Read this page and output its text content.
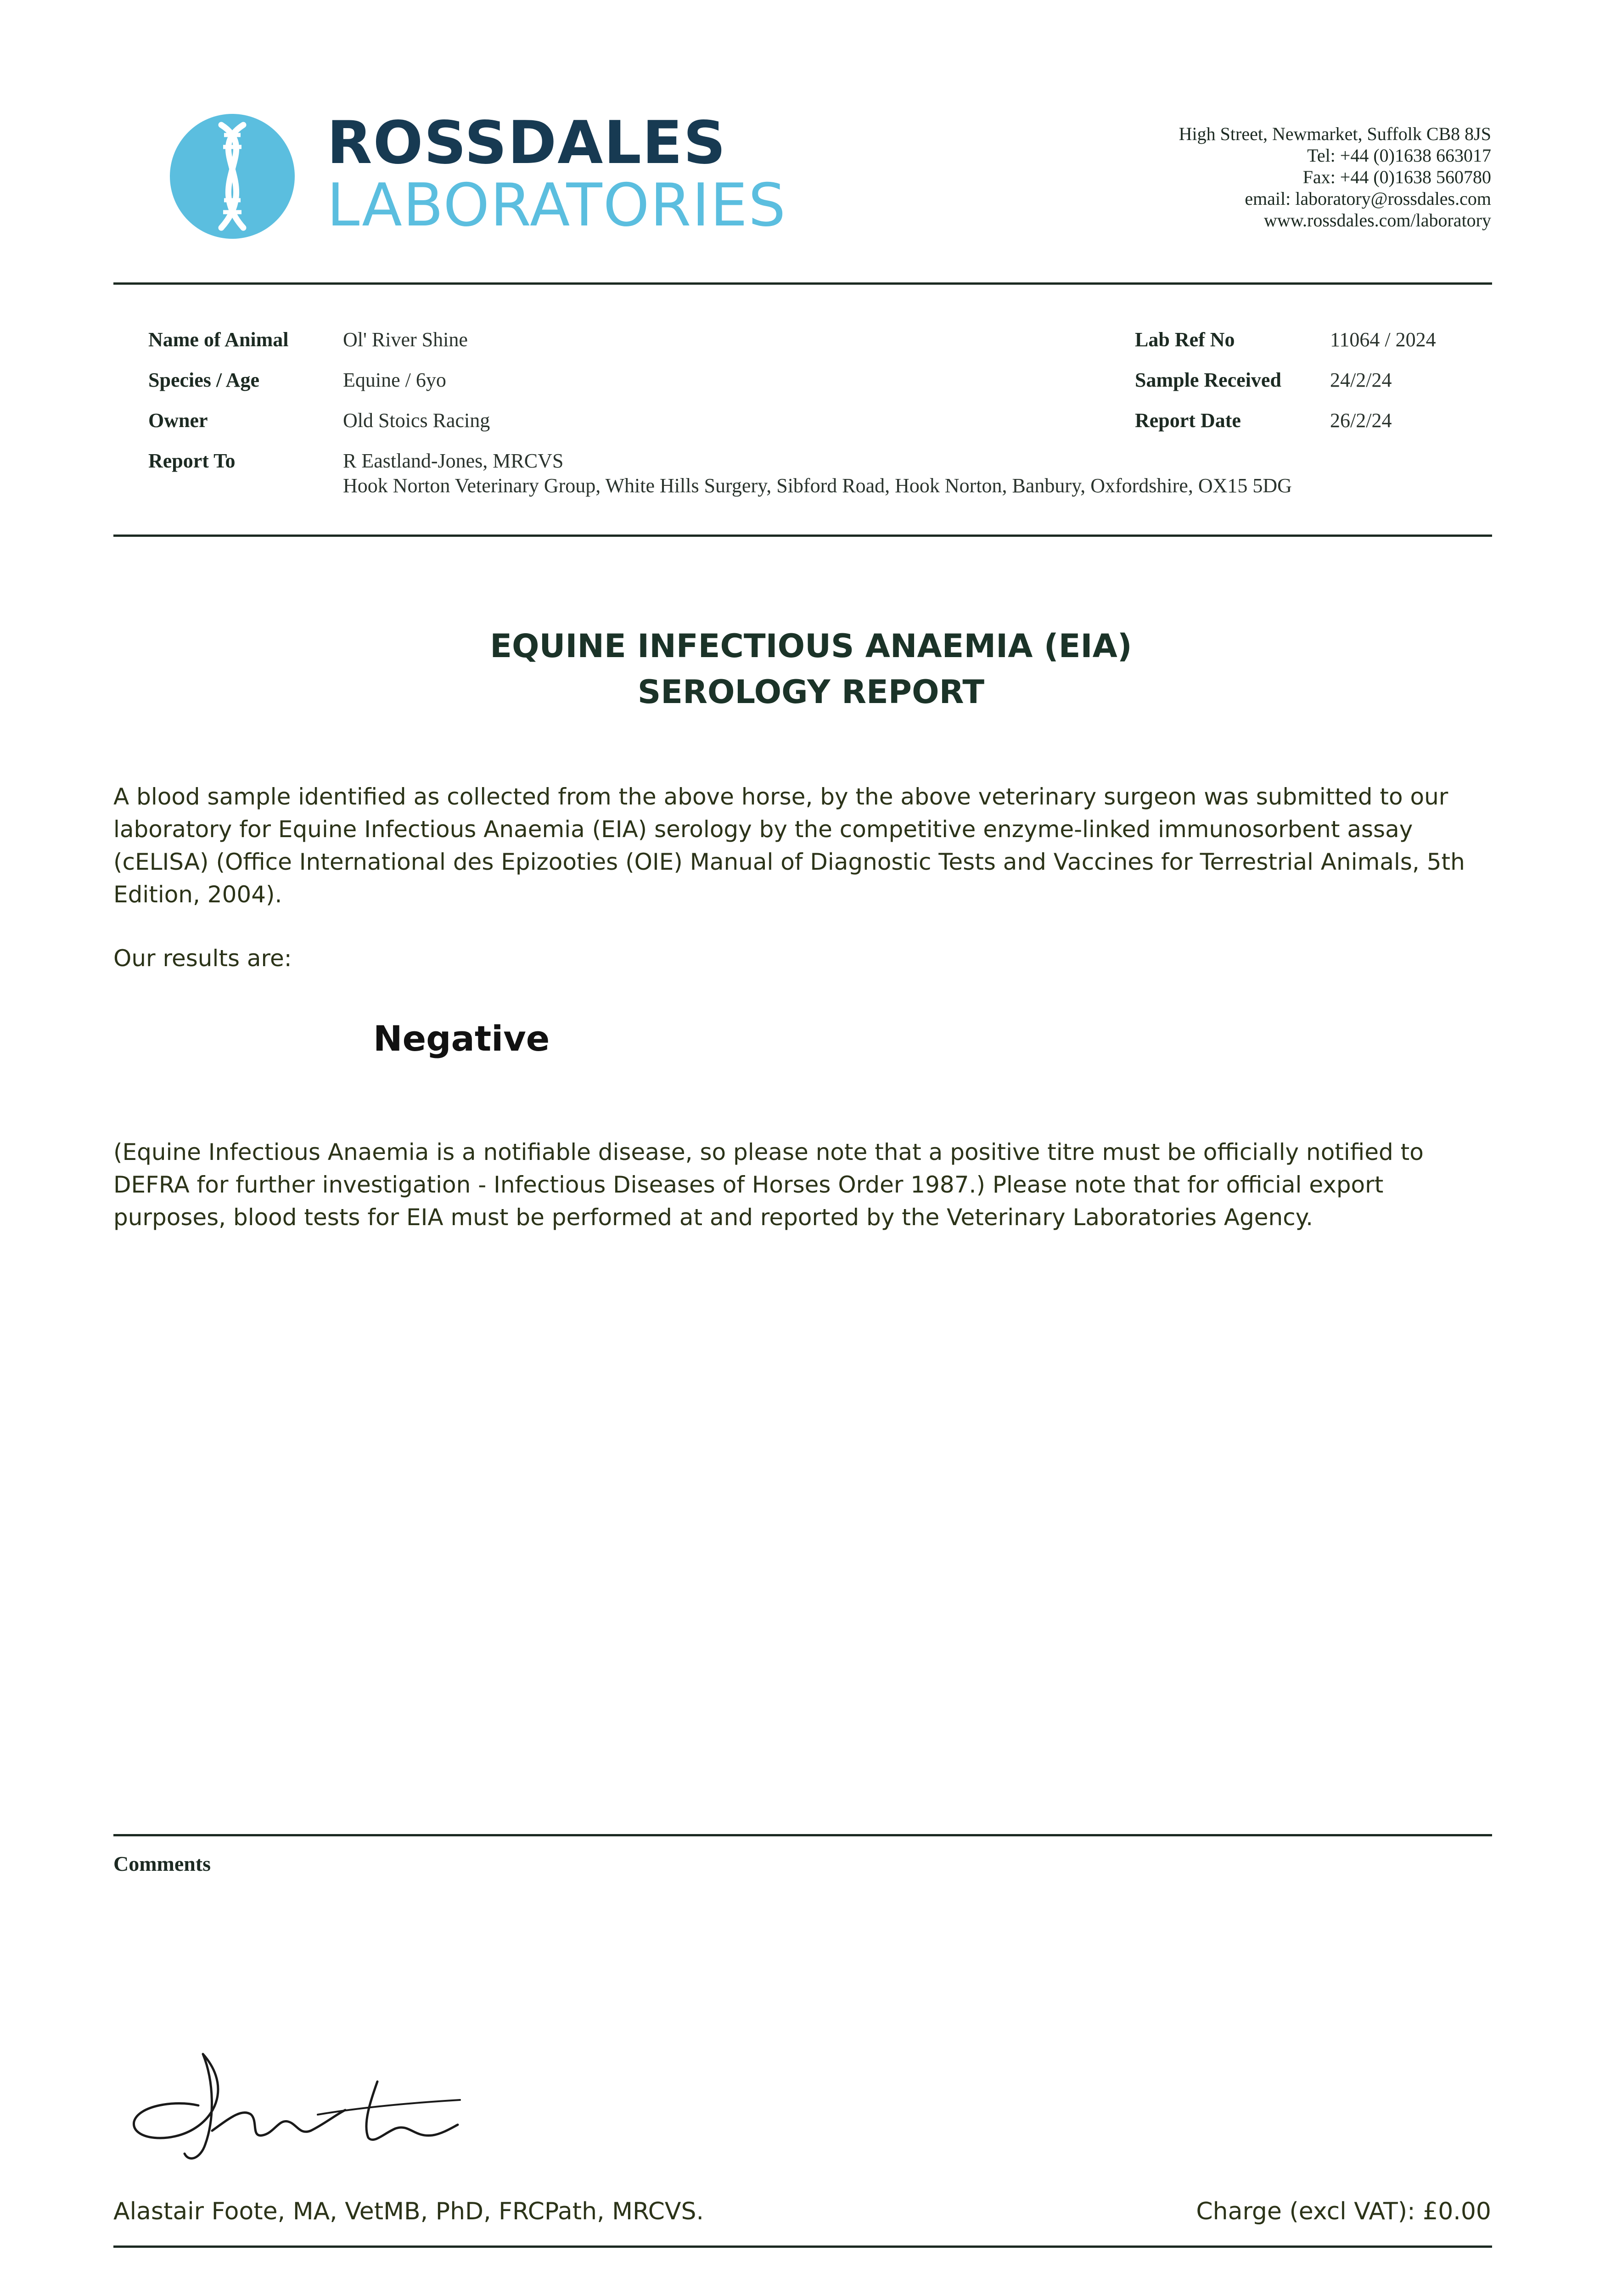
ROSSDALES
LABORATORIES
High Street, Newmarket, Suffolk CB8 8JS
Tel: +44 (0)1638 663017
Fax: +44 (0)1638 560780
email: laboratory@rossdales.com
www.rossdales.com/laboratory
Name of Animal	Ol' River Shine
Species / Age	Equine / 6yo
Owner	Old Stoics Racing
Report To	R Eastland-Jones, MRCVS
Hook Norton Veterinary Group, White Hills Surgery, Sibford Road, Hook Norton, Banbury, Oxfordshire, OX15 5DG
Lab Ref No	11064 / 2024
Sample Received 24/2/24
Report Date	26/2/24
EQUINE INFECTIOUS ANAEMIA (EIA)
SEROLOGY REPORT
A blood sample identified as collected from the above horse, by the above veterinary surgeon was submitted to our
laboratory for Equine Infectious Anaemia (EIA) serology by the competitive enzyme-linked immunosorbent assay
(cELISA) (Office International des Epizooties (OIE) Manual of Diagnostic Tests and Vaccines for Terrestrial Animals, 5th
Edition, 2004).
Our results are:
Negative
(Equine Infectious Anaemia is a notifiable disease, so please note that a positive titre must be officially notified to
DEFRA for further investigation - Infectious Diseases of Horses Order 1987.) Please note that for official export
purposes, blood tests for EIA must be performed at and reported by the Veterinary Laboratories Agency.
Comments
Alastair Foote, MA, VetMB, PhD, FRCPath, MRCVS.	Charge (excl VAT): £0.00
